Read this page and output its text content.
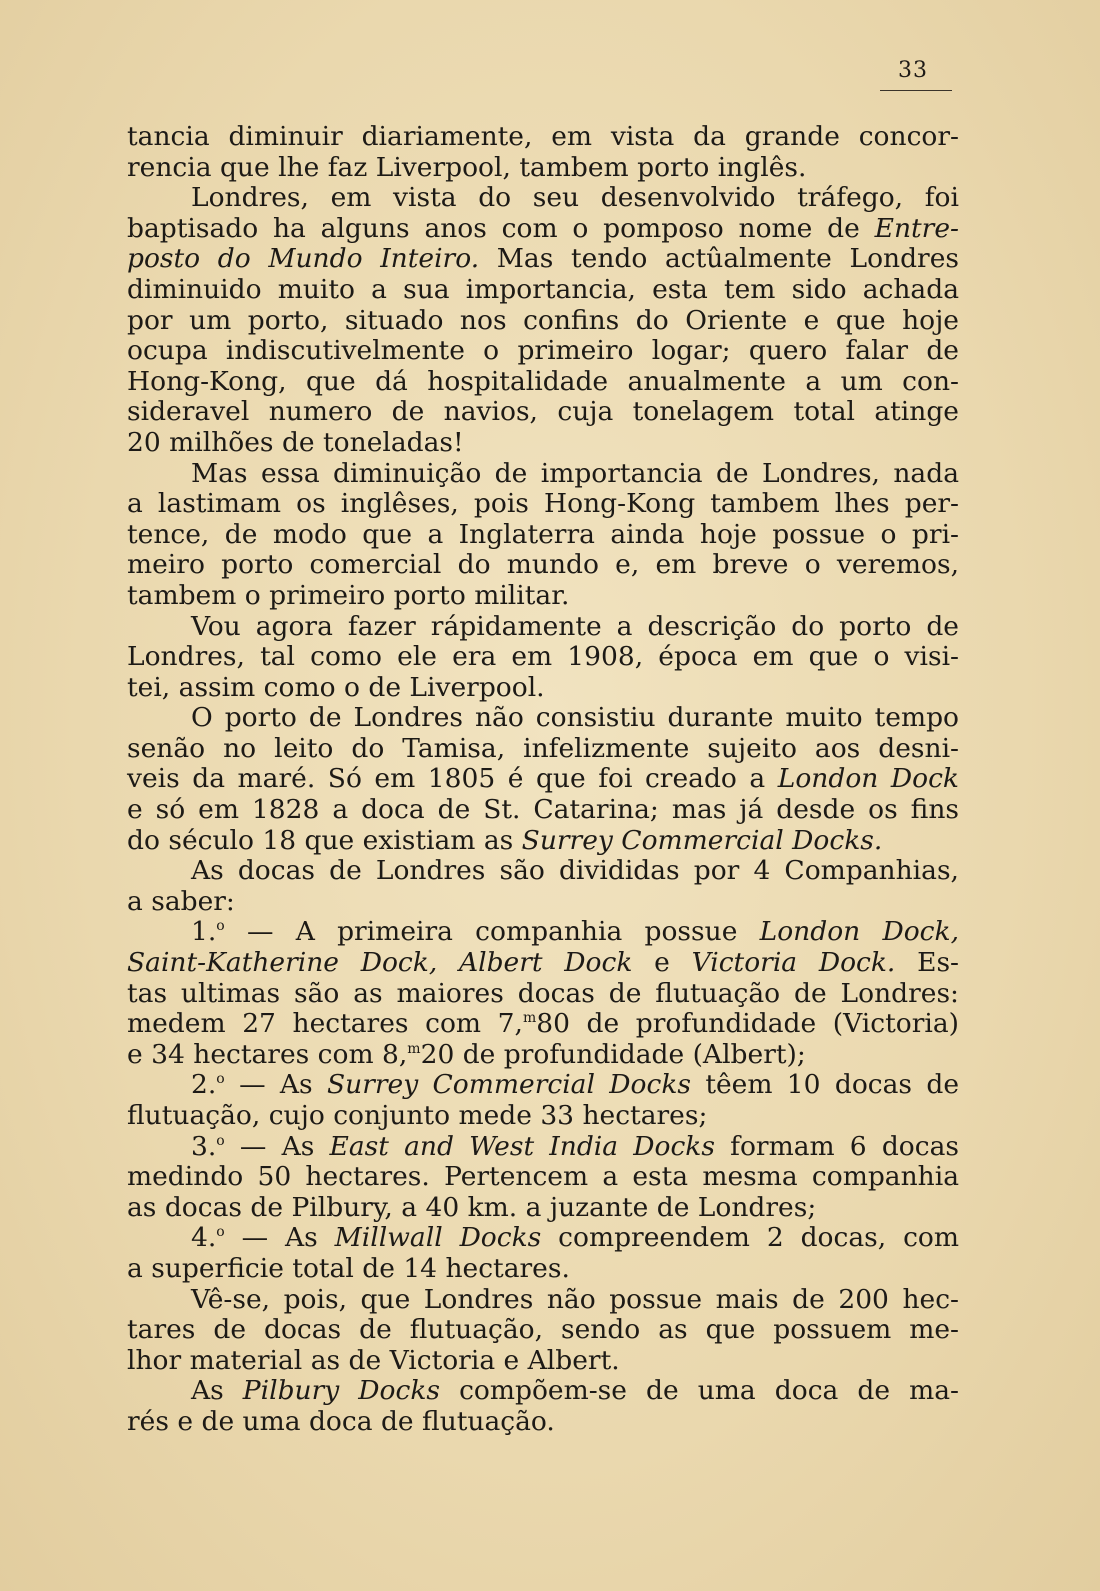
33
tancia diminuir diariamente, em vista da grande concor-
rencia que lhe faz Liverpool, tambem porto inglês.
Londres, em vista do seu desenvolvido tráfego, foi
baptisado ha alguns anos com o pomposo nome de Entre-
posto do Mundo Inteiro. Mas tendo actûalmente Londres
diminuido muito a sua importancia, esta tem sido achada
por um porto, situado nos confins do Oriente e que hoje
ocupa indiscutivelmente o primeiro logar; quero falar de
Hong-Kong, que dá hospitalidade anualmente a um con-
sideravel numero de navios, cuja tonelagem total atinge
20 milhões de toneladas!
Mas essa diminuição de importancia de Londres, nada
a lastimam os inglêses, pois Hong-Kong tambem lhes per-
tence, de modo que a Inglaterra ainda hoje possue o pri-
meiro porto comercial do mundo e, em breve o veremos,
tambem o primeiro porto militar.
Vou agora fazer rápidamente a descrição do porto de
Londres, tal como ele era em 1908, época em que o visi-
tei, assim como o de Liverpool.
O porto de Londres não consistiu durante muito tempo
senão no leito do Tamisa, infelizmente sujeito aos desni-
veis da maré. Só em 1805 é que foi creado a London Dock
e só em 1828 a doca de St. Catarina; mas já desde os fins
do século 18 que existiam as Surrey Commercial Docks.
As docas de Londres são divididas por 4 Companhias,
a saber:
1.$^o$ — A primeira companhia possue London Dock,
Saint-Katherine Dock, Albert Dock e Victoria Dock. Es-
tas ultimas são as maiores docas de flutuação de Londres:
medem 27 hectares com 7,$^m$80 de profundidade (Victoria)
e 34 hectares com 8,$^m$20 de profundidade (Albert);
2.$^o$ — As Surrey Commercial Docks têem 10 docas de
flutuação, cujo conjunto mede 33 hectares;
3.$^o$ — As East and West India Docks formam 6 docas
medindo 50 hectares. Pertencem a esta mesma companhia
as docas de Pilbury, a 40 km. a juzante de Londres;
4.$^o$ — As Millwall Docks compreendem 2 docas, com
a superficie total de 14 hectares.
Vê-se, pois, que Londres não possue mais de 200 hec-
tares de docas de flutuação, sendo as que possuem me-
lhor material as de Victoria e Albert.
As Pilbury Docks compõem-se de uma doca de ma-
rés e de uma doca de flutuação.
